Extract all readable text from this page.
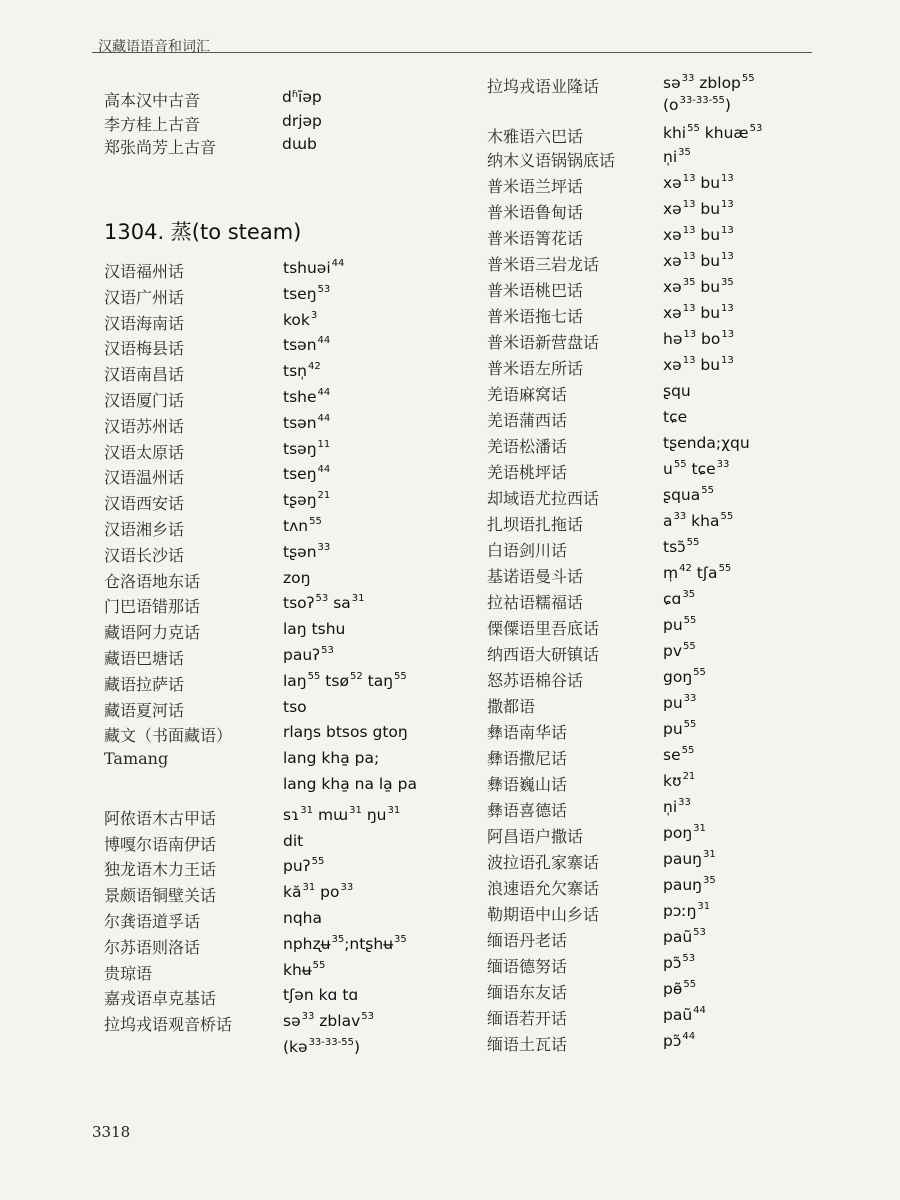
汉藏语语音和词汇
1304. 蒸(to steam)
3318
高本汉中古音	dʱīəp
李方桂上古音	drjəp
郑张尚芳上古音	dɯb
汉语福州话	tshuəi$^{44}$
汉语广州话	tseŋ$^{53}$
汉语海南话	kok$^3$
汉语梅县话	tsən$^{44}$
汉语南昌话	tsn̩$^{42}$
汉语厦门话	tshe$^{44}$
汉语苏州话	tsən$^{44}$
汉语太原话	tsəŋ$^{11}$
汉语温州话	tseŋ$^{44}$
汉语西安话	tʂəŋ$^{21}$
汉语湘乡话	tʌn$^{55}$
汉语长沙话	tʂən$^{33}$
仓洛语地东话	zoŋ
门巴语错那话	tsoʔ$^{53}$ $sa^{31}$
藏语阿力克话	laŋ tshu
藏语巴塘话	pauʔ$^{53}$
藏语拉萨话	laŋ$^{55}$ tsø$^{52}$ taŋ$^{55}$
藏语夏河话	tso
藏文（书面藏语）	rlaŋs btsos gtoŋ
Tamang	lang kha̱ pa;
lang kha̱ na la̱ pa
阿侬语木古甲话	sɿ$^{31}$ mɯ$^{31}$ $ŋu^{31}$
博嘎尔语南伊话	dit
独龙语木力王话	puʔ$^{55}$
景颇语铜壁关话	$kă^{31}$ $po^{33}$
尔龚语道孚话	nqha
尔苏语则洛话	nphʐʉ$^{35}$;ntʂhʉ$^{35}$
贵琼语	khʉ$^{55}$
嘉戎语卓克基话	tʃən kɑ tɑ
拉坞戎语观音桥话	sə$^{33}$ zblav$^{53}$
(kə$^{33-33-55}$)
拉坞戎语业隆话	sə$^{33}$ zblop$^{55}$
$(o^{33-33-55})$
木雅语六巴话	khi$^{55}$ khuæ$^{53}$
纳木义语锅锅底话	$n̩i^{35}$
普米语兰坪话	xə$^{13}$ $bu^{13}$
普米语鲁甸话	xə$^{13}$ $bu^{13}$
普米语箐花话	xə$^{13}$ $bu^{13}$
普米语三岩龙话	xə$^{13}$ $bu^{13}$
普米语桃巴话	xə$^{35}$ $bu^{35}$
普米语拖七话	xə$^{13}$ $bu^{13}$
普米语新营盘话	hə$^{13}$ $bo^{13}$
普米语左所话	xə$^{13}$ $bu^{13}$
羌语麻窝话	ʂqu
羌语蒲西话	tɕe
羌语松潘话	tʂenda;χqu
羌语桃坪话	$u^{55}$ tɕe$^{33}$
却域语尤拉西话	ʂqua$^{55}$
扎坝语扎拖话	$a^{33}$ kha$^{55}$
白语剑川话	tsɔ̃$^{55}$
基诺语曼斗话	m̩$^{42}$ tʃa$^{55}$
拉祜语糯福话	ɕɑ$^{35}$
傈僳语里吾底话	$pu^{55}$
纳西语大研镇话	$pv^{55}$
怒苏语棉谷话	goŋ$^{55}$
撒都语	$pu^{33}$
彝语南华话	$pu^{55}$
彝语撒尼话	$se^{55}$
彝语巍山话	kʊ$^{21}$
彝语喜德话	$n̩i^{33}$
阿昌语户撒话	poŋ$^{31}$
波拉语孔家寨话	pauŋ$^{31}$
浪速语允欠寨话	pauŋ$^{35}$
勒期语中山乡话	pɔːŋ$^{31}$
缅语丹老话	paũ$^{53}$
缅语德努话	pɔ̃$^{53}$
缅语东友话	pɵ̃$^{55}$
缅语若开话	paũ$^{44}$
缅语土瓦话	pɔ̃$^{44}$
